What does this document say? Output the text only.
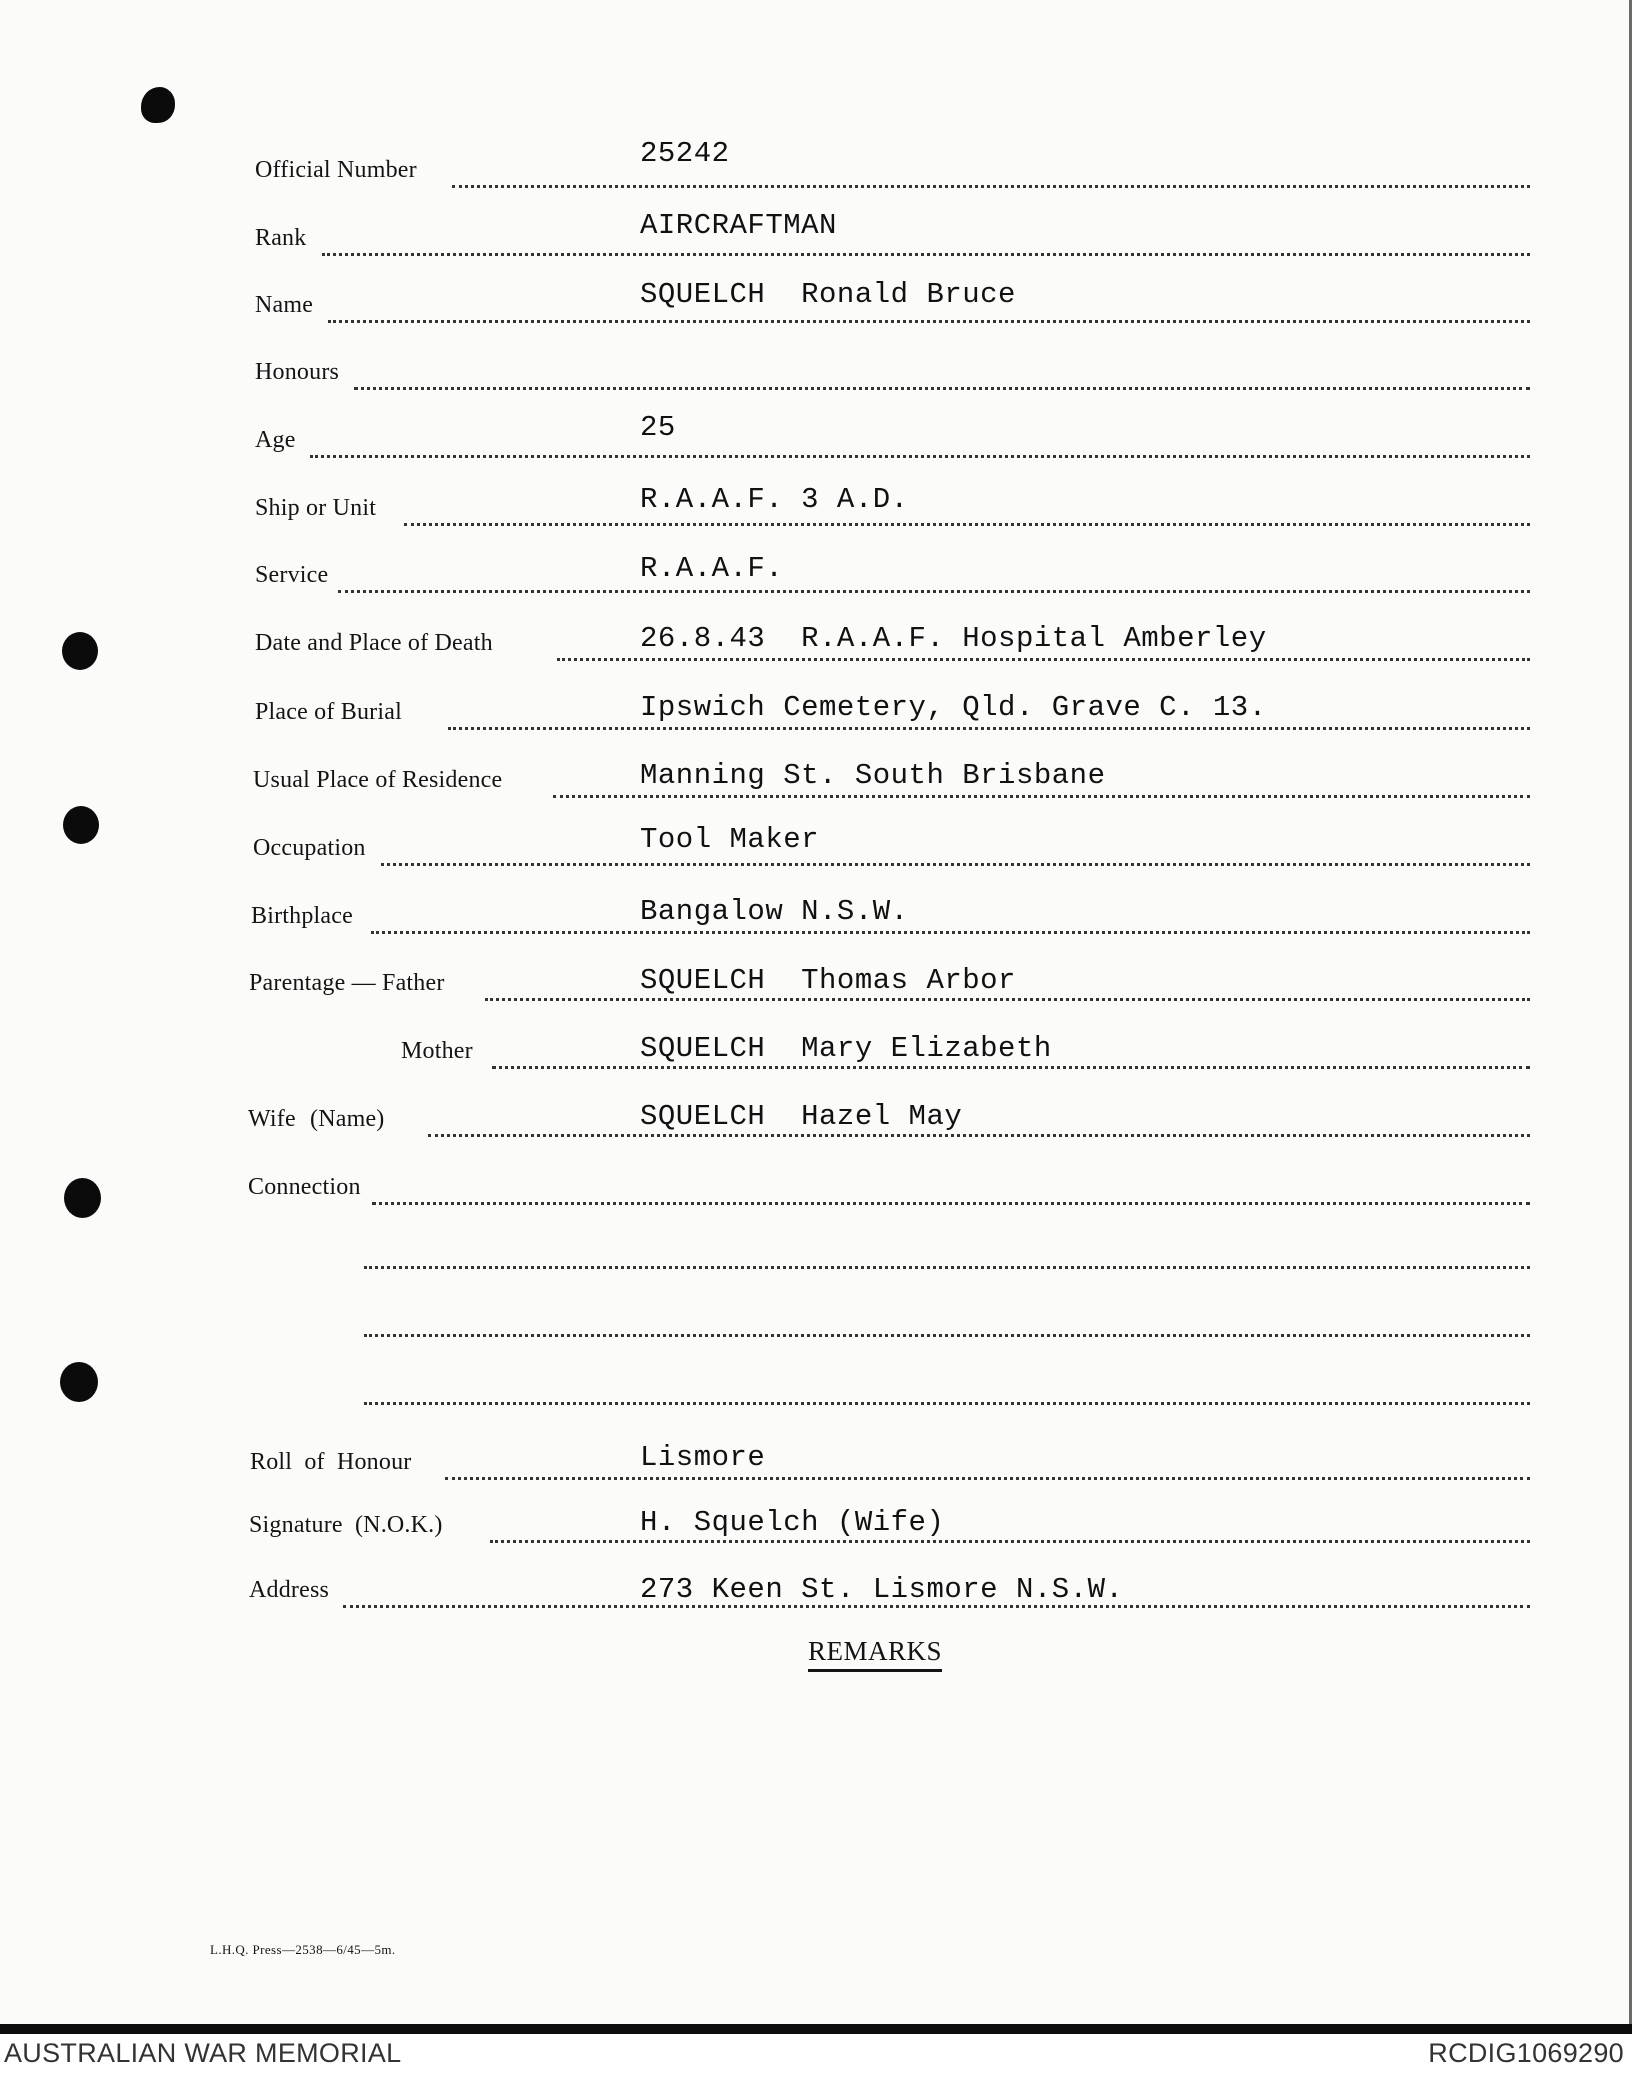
Official Number	25242
Rank	AIRCRAFTMAN
Name	SQUELCH  Ronald Bruce
Honours
Age	25
Ship or Unit	R.A.A.F. 3 A.D.
Service	R.A.A.F.
Date and Place of Death	26.8.43  R.A.A.F. Hospital Amberley
Place of Burial	Ipswich Cemetery, Qld. Grave C. 13.
Usual Place of Residence	Manning St. South Brisbane
Occupation	Tool Maker
Birthplace	Bangalow N.S.W.
Parentage — Father	SQUELCH  Thomas Arbor
Mother	SQUELCH  Mary Elizabeth
Wife (Name)	SQUELCH  Hazel May
Connection
Roll of Honour	Lismore
Signature (N.O.K.)	H. Squelch (Wife)
Address	273 Keen St. Lismore N.S.W.
REMARKS
L.H.Q. Press—2538—6/45—5m.
AUSTRALIAN WAR MEMORIAL	RCDIG1069290
